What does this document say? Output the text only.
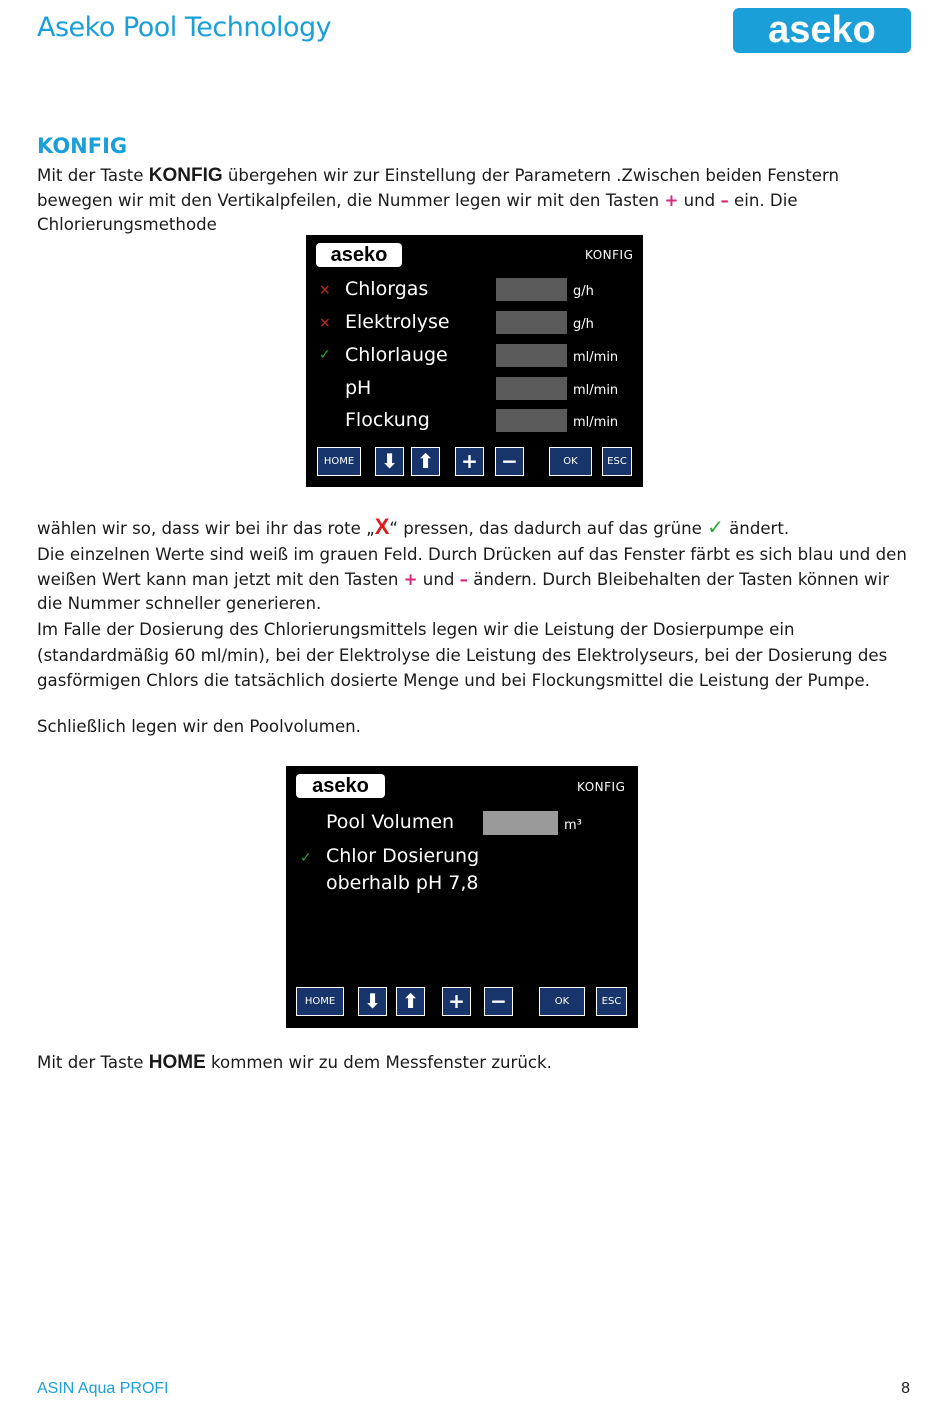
Aseko Pool Technology	aseko
KONFIG
Mit der Taste KONFIG übergehen wir zur Einstellung der Parametern .Zwischen beiden Fenstern bewegen wir mit den Vertikalpfeilen, die Nummer legen wir mit den Tasten + und – ein. Die Chlorierungsmethode
aseko	KONFIG
× Chlorgas	g/h
× Elektrolyse	g/h
✓ Chlorlauge	ml/min
pH	ml/min
Flockung	ml/min
HOME	⬇ ⬆	+	−	OK	ESC
wählen wir so, dass wir bei ihr das rote „X“ pressen, das dadurch auf das grüne ✓ ändert.
Die einzelnen Werte sind weiß im grauen Feld. Durch Drücken auf das Fenster färbt es sich blau und den weißen Wert kann man jetzt mit den Tasten + und – ändern. Durch Bleibehalten der Tasten können wir die Nummer schneller generieren.
Im Falle der Dosierung des Chlorierungsmittels legen wir die Leistung der Dosierpumpe ein (standardmäßig 60 ml/min), bei der Elektrolyse die Leistung des Elektrolyseurs, bei der Dosierung des gasförmigen Chlors die tatsächlich dosierte Menge und bei Flockungsmittel die Leistung der Pumpe.
Schließlich legen wir den Poolvolumen.
aseko	KONFIG
Pool Volumen	m³
✓ Chlor Dosierung
oberhalb pH 7,8
HOME	⬇	⬆	+	−	OK	ESC
Mit der Taste HOME kommen wir zu dem Messfenster zurück.
ASIN Aqua PROFI	8
